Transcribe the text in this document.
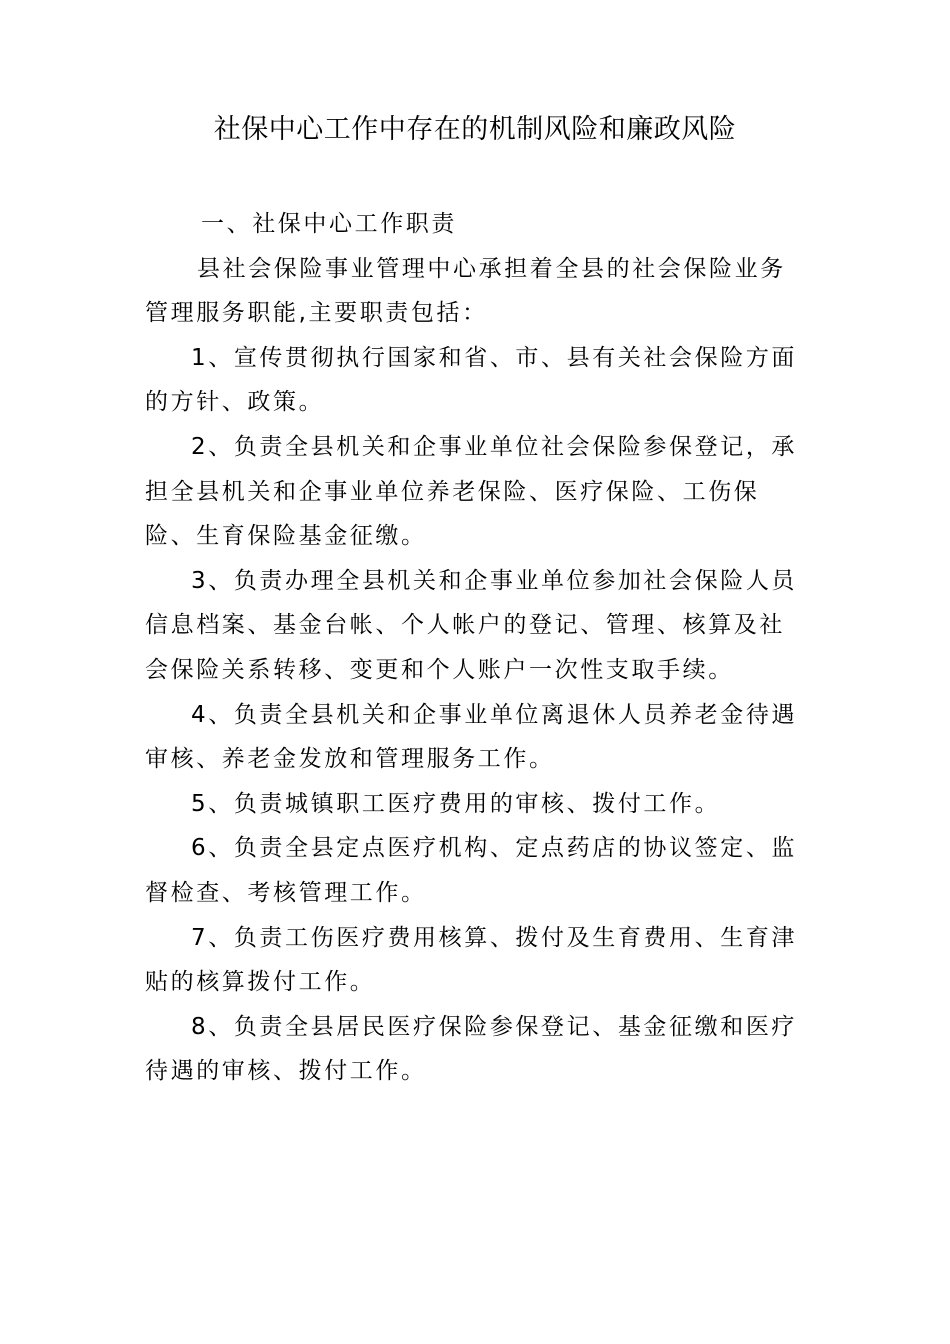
社保中心工作中存在的机制风险和廉政风险

一、社保中心工作职责

县社会保险事业管理中心承担着全县的社会保险业务管理服务职能,主要职责包括：

1、宣传贯彻执行国家和省、市、县有关社会保险方面的方针、政策。

2、负责全县机关和企事业单位社会保险参保登记，承担全县机关和企事业单位养老保险、医疗保险、工伤保险、生育保险基金征缴。

3、负责办理全县机关和企事业单位参加社会保险人员信息档案、基金台帐、个人帐户的登记、管理、核算及社会保险关系转移、变更和个人账户一次性支取手续。

4、负责全县机关和企事业单位离退休人员养老金待遇审核、养老金发放和管理服务工作。

5、负责城镇职工医疗费用的审核、拨付工作。

6、负责全县定点医疗机构、定点药店的协议签定、监督检查、考核管理工作。

7、负责工伤医疗费用核算、拨付及生育费用、生育津贴的核算拨付工作。

8、负责全县居民医疗保险参保登记、基金征缴和医疗待遇的审核、拨付工作。
